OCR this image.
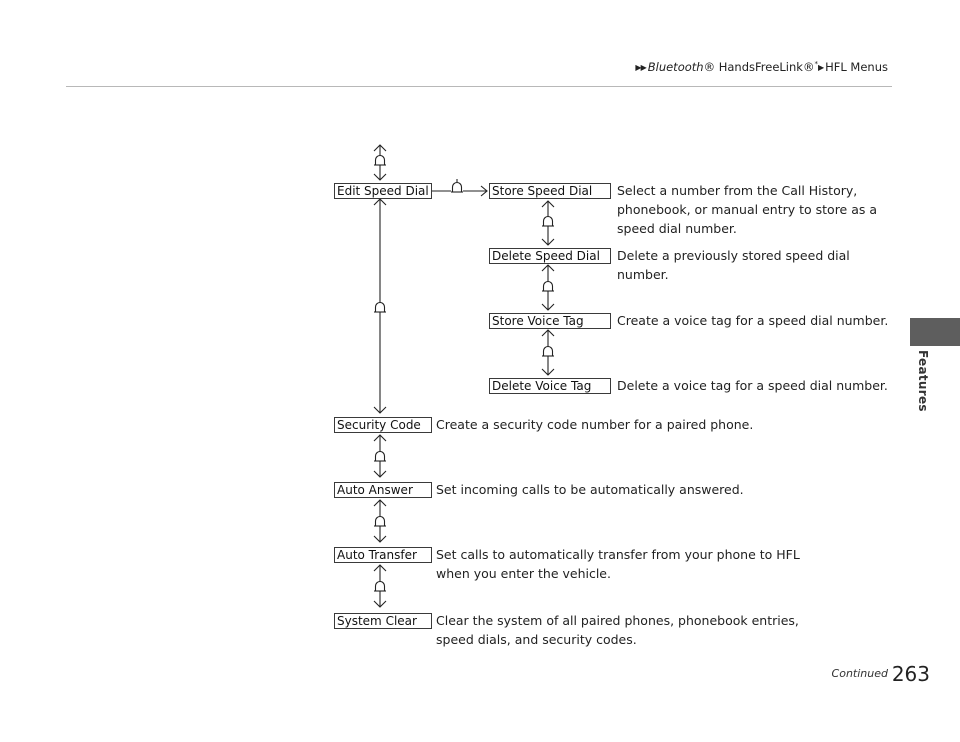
▶▶ Bluetooth® HandsFreeLink®*▶ HFL Menus
Features
Edit Speed Dial	Store Speed Dial
Delete Speed Dial
Store Voice Tag
Delete Voice Tag
Security Code
Auto Answer
Auto Transfer
System Clear
Select a number from the Call History,
phonebook, or manual entry to store as a
speed dial number.
Delete a previously stored speed dial
number.
Create a voice tag for a speed dial number.
Delete a voice tag for a speed dial number.
Create a security code number for a paired phone.
Set incoming calls to be automatically answered.
Set calls to automatically transfer from your phone to HFL
when you enter the vehicle.
Clear the system of all paired phones, phonebook entries,
speed dials, and security codes.
Continued 263
